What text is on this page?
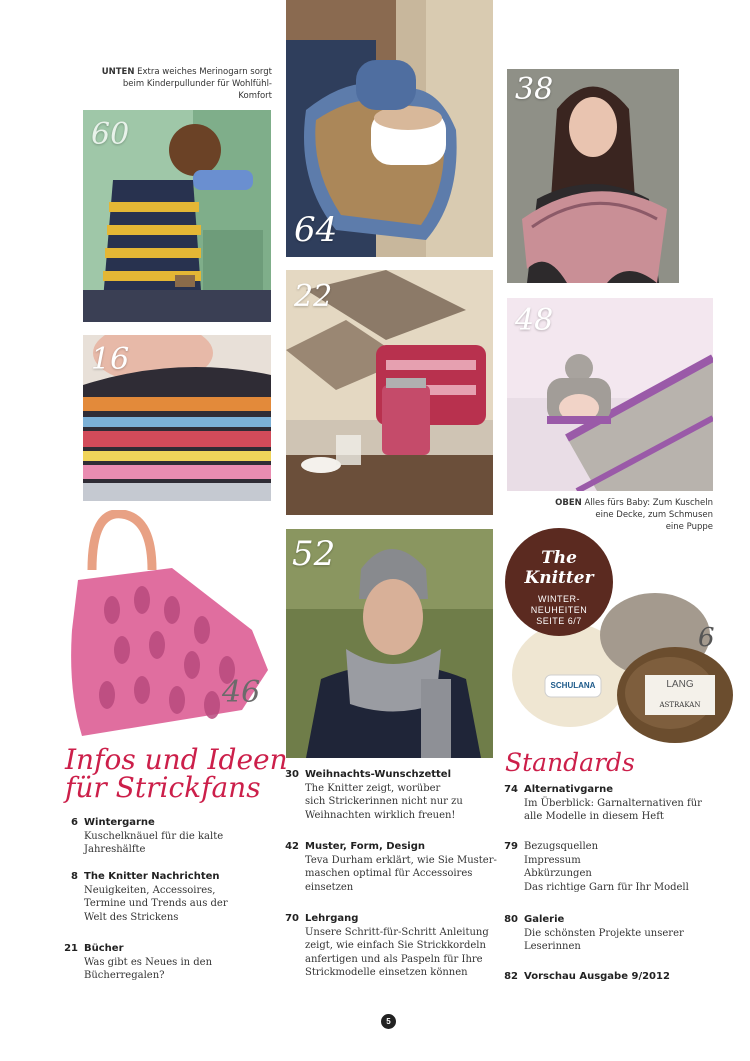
UNTEN Extra weiches Merinogarn sorgt
beim Kinderpullunder für Wohlfühl-Komfort
60
64
38
16
22
48
OBEN Alles fürs Baby: Zum Kuscheln
eine Decke, zum Schmusen
eine Puppe
46
52	The Knitter
WINTER-
NEUHEITEN
SEITE 6/7
SCHULANA	LANG
ASTRAKAN
6
Infos und Ideen
für Strickfans
Standards
6 Wintergarne
Kuschelknäuel für die kalte
Jahreshälfte
8 The Knitter Nachrichten
Neuigkeiten, Accessoires,
Termine und Trends aus der
Welt des Strickens
21 Bücher
Was gibt es Neues in den
Bücherregalen?
30 Weihnachts-Wunschzettel
The Knitter zeigt, worüber
sich Strickerinnen nicht nur zu
Weihnachten wirklich freuen!
42 Muster, Form, Design
Teva Durham erklärt, wie Sie Muster-
maschen optimal für Accessoires
einsetzen
70 Lehrgang
Unsere Schritt-für-Schritt Anleitung
zeigt, wie einfach Sie Strickkordeln
anfertigen und als Paspeln für Ihre
Strickmodelle einsetzen können
74 Alternativgarne
Im Überblick: Garnalternativen für
alle Modelle in diesem Heft
79 Bezugsquellen
Impressum
Abkürzungen
Das richtige Garn für Ihr Modell
80 Galerie
Die schönsten Projekte unserer
Leserinnen
82 Vorschau Ausgabe 9/2012
5
